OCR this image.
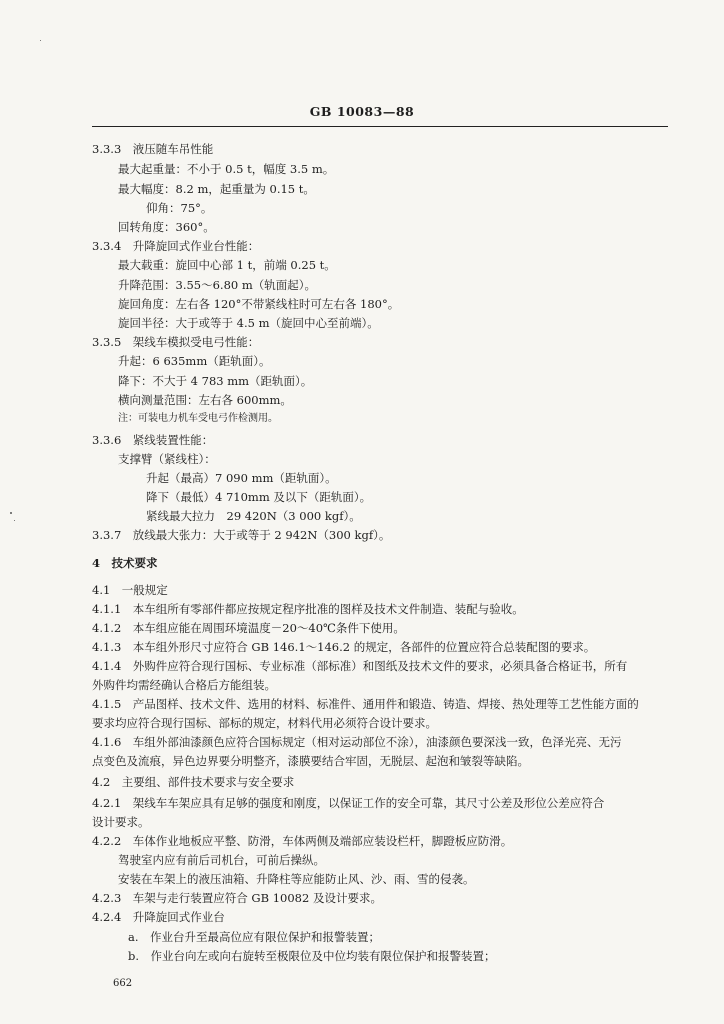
GB 10083—88
3.3.3　液压随车吊性能
最大起重量：不小于 0.5 t，幅度 3.5 m。
最大幅度：8.2 m，起重量为 0.15 t。
仰角：75°。
回转角度：360°。
3.3.4　升降旋回式作业台性能：
最大载重：旋回中心部 1 t，前端 0.25 t。
升降范围：3.55～6.80 m（轨面起）。
旋回角度：左右各 120°不带紧线柱时可左右各 180°。
旋回半径：大于或等于 4.5 m（旋回中心至前端）。
3.3.5　架线车模拟受电弓性能：
升起：6 635mm（距轨面）。
降下：不大于 4 783 mm（距轨面）。
横向测量范围：左右各 600mm。
注：可装电力机车受电弓作检测用。
3.3.6　紧线装置性能：
支撑臂（紧线柱）：
升起（最高）7 090 mm（距轨面）。
降下（最低）4 710mm 及以下（距轨面）。
紧线最大拉力　29 420N（3 000 kgf）。
3.3.7　放线最大张力：大于或等于 2 942N（300 kgf）。
4　技术要求
4.1　一般规定
4.1.1　本车组所有零部件都应按规定程序批准的图样及技术文件制造、装配与验收。
4.1.2　本车组应能在周围环境温度－20～40℃条件下使用。
4.1.3　本车组外形尺寸应符合 GB 146.1～146.2 的规定，各部件的位置应符合总装配图的要求。
4.1.4　外购件应符合现行国标、专业标准（部标准）和图纸及技术文件的要求，必须具备合格证书，所有
外购件均需经确认合格后方能组装。
4.1.5　产品图样、技术文件、选用的材料、标准件、通用件和锻造、铸造、焊接、热处理等工艺性能方面的
要求均应符合现行国标、部标的规定，材料代用必须符合设计要求。
4.1.6　车组外部油漆颜色应符合国标规定（相对运动部位不涂），油漆颜色要深浅一致，色泽光亮、无污
点变色及流痕，异色边界要分明整齐，漆膜要结合牢固，无脱层、起泡和皱裂等缺陷。
4.2　主要组、部件技术要求与安全要求
4.2.1　架线车车架应具有足够的强度和刚度，以保证工作的安全可靠，其尺寸公差及形位公差应符合
设计要求。
4.2.2　车体作业地板应平整、防滑，车体两侧及端部应装设栏杆，脚蹬板应防滑。
驾驶室内应有前后司机台，可前后操纵。
安装在车架上的液压油箱、升降柱等应能防止风、沙、雨、雪的侵袭。
4.2.3　车架与走行装置应符合 GB 10082 及设计要求。
4.2.4　升降旋回式作业台
a.　作业台升至最高位应有限位保护和报警装置；
b.　作业台向左或向右旋转至极限位及中位均装有限位保护和报警装置；
662
